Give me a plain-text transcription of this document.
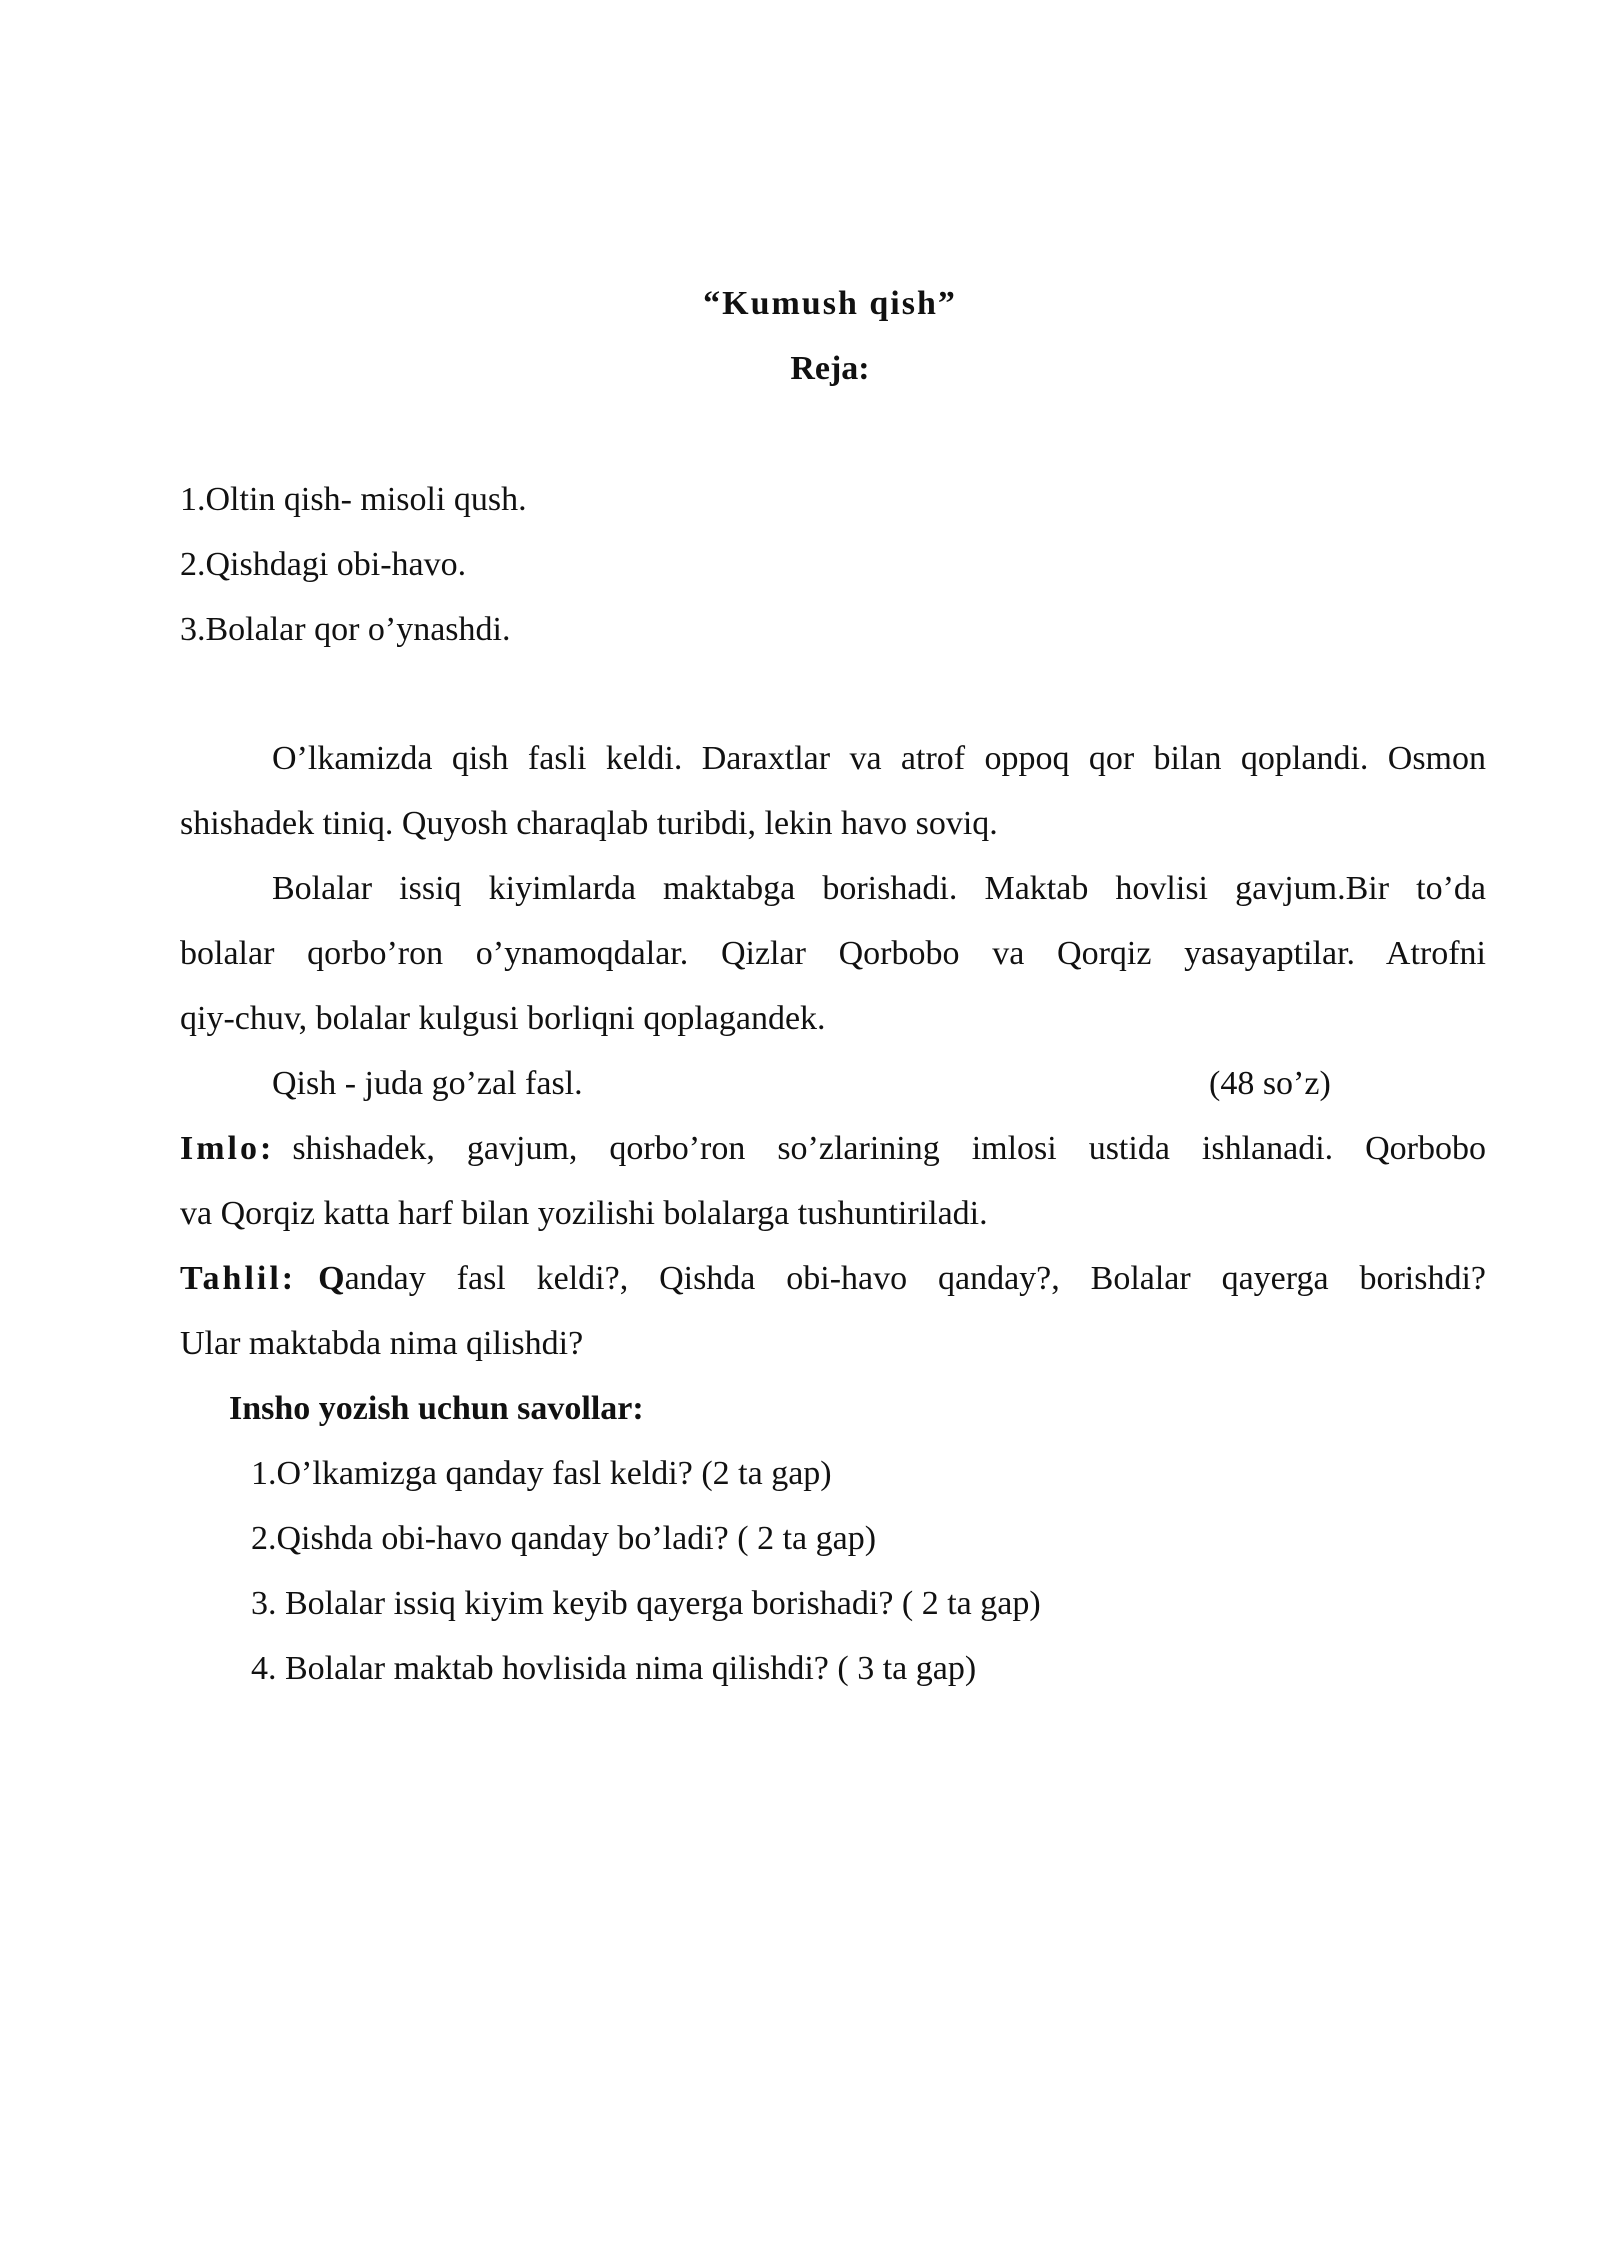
“Kumush qish”
Reja:
1.Oltin qish- misoli qush.
2.Qishdagi obi-havo.
3.Bolalar qor o’ynashdi.
O’lkamizda qish fasli keldi. Daraxtlar va atrof oppoq qor bilan qoplandi. Osmon
shishadek tiniq. Quyosh charaqlab turibdi, lekin havo soviq.
Bolalar issiq kiyimlarda maktabga borishadi. Maktab hovlisi gavjum.Bir to’da
bolalar qorbo’ron o’ynamoqdalar. Qizlar Qorbobo va Qorqiz yasayaptilar. Atrofni
qiy-chuv, bolalar kulgusi borliqni qoplagandek.
Qish - juda go’zal fasl.	(48 so’z)
Imlo: shishadek, gavjum, qorbo’ron so’zlarining imlosi ustida ishlanadi. Qorbobo
va Qorqiz katta harf bilan yozilishi bolalarga tushuntiriladi.
Tahlil: Q anday fasl keldi?, Qishda obi-havo qanday?, Bolalar qayerga borishdi?
Ular maktabda nima qilishdi?
Insho yozish uchun savollar:
1.O’lkamizga qanday fasl keldi? (2 ta gap)
2.Qishda obi-havo qanday bo’ladi? ( 2 ta gap)
3. Bolalar issiq kiyim keyib qayerga borishadi? ( 2 ta gap)
4. Bolalar maktab hovlisida nima qilishdi? ( 3 ta gap)
